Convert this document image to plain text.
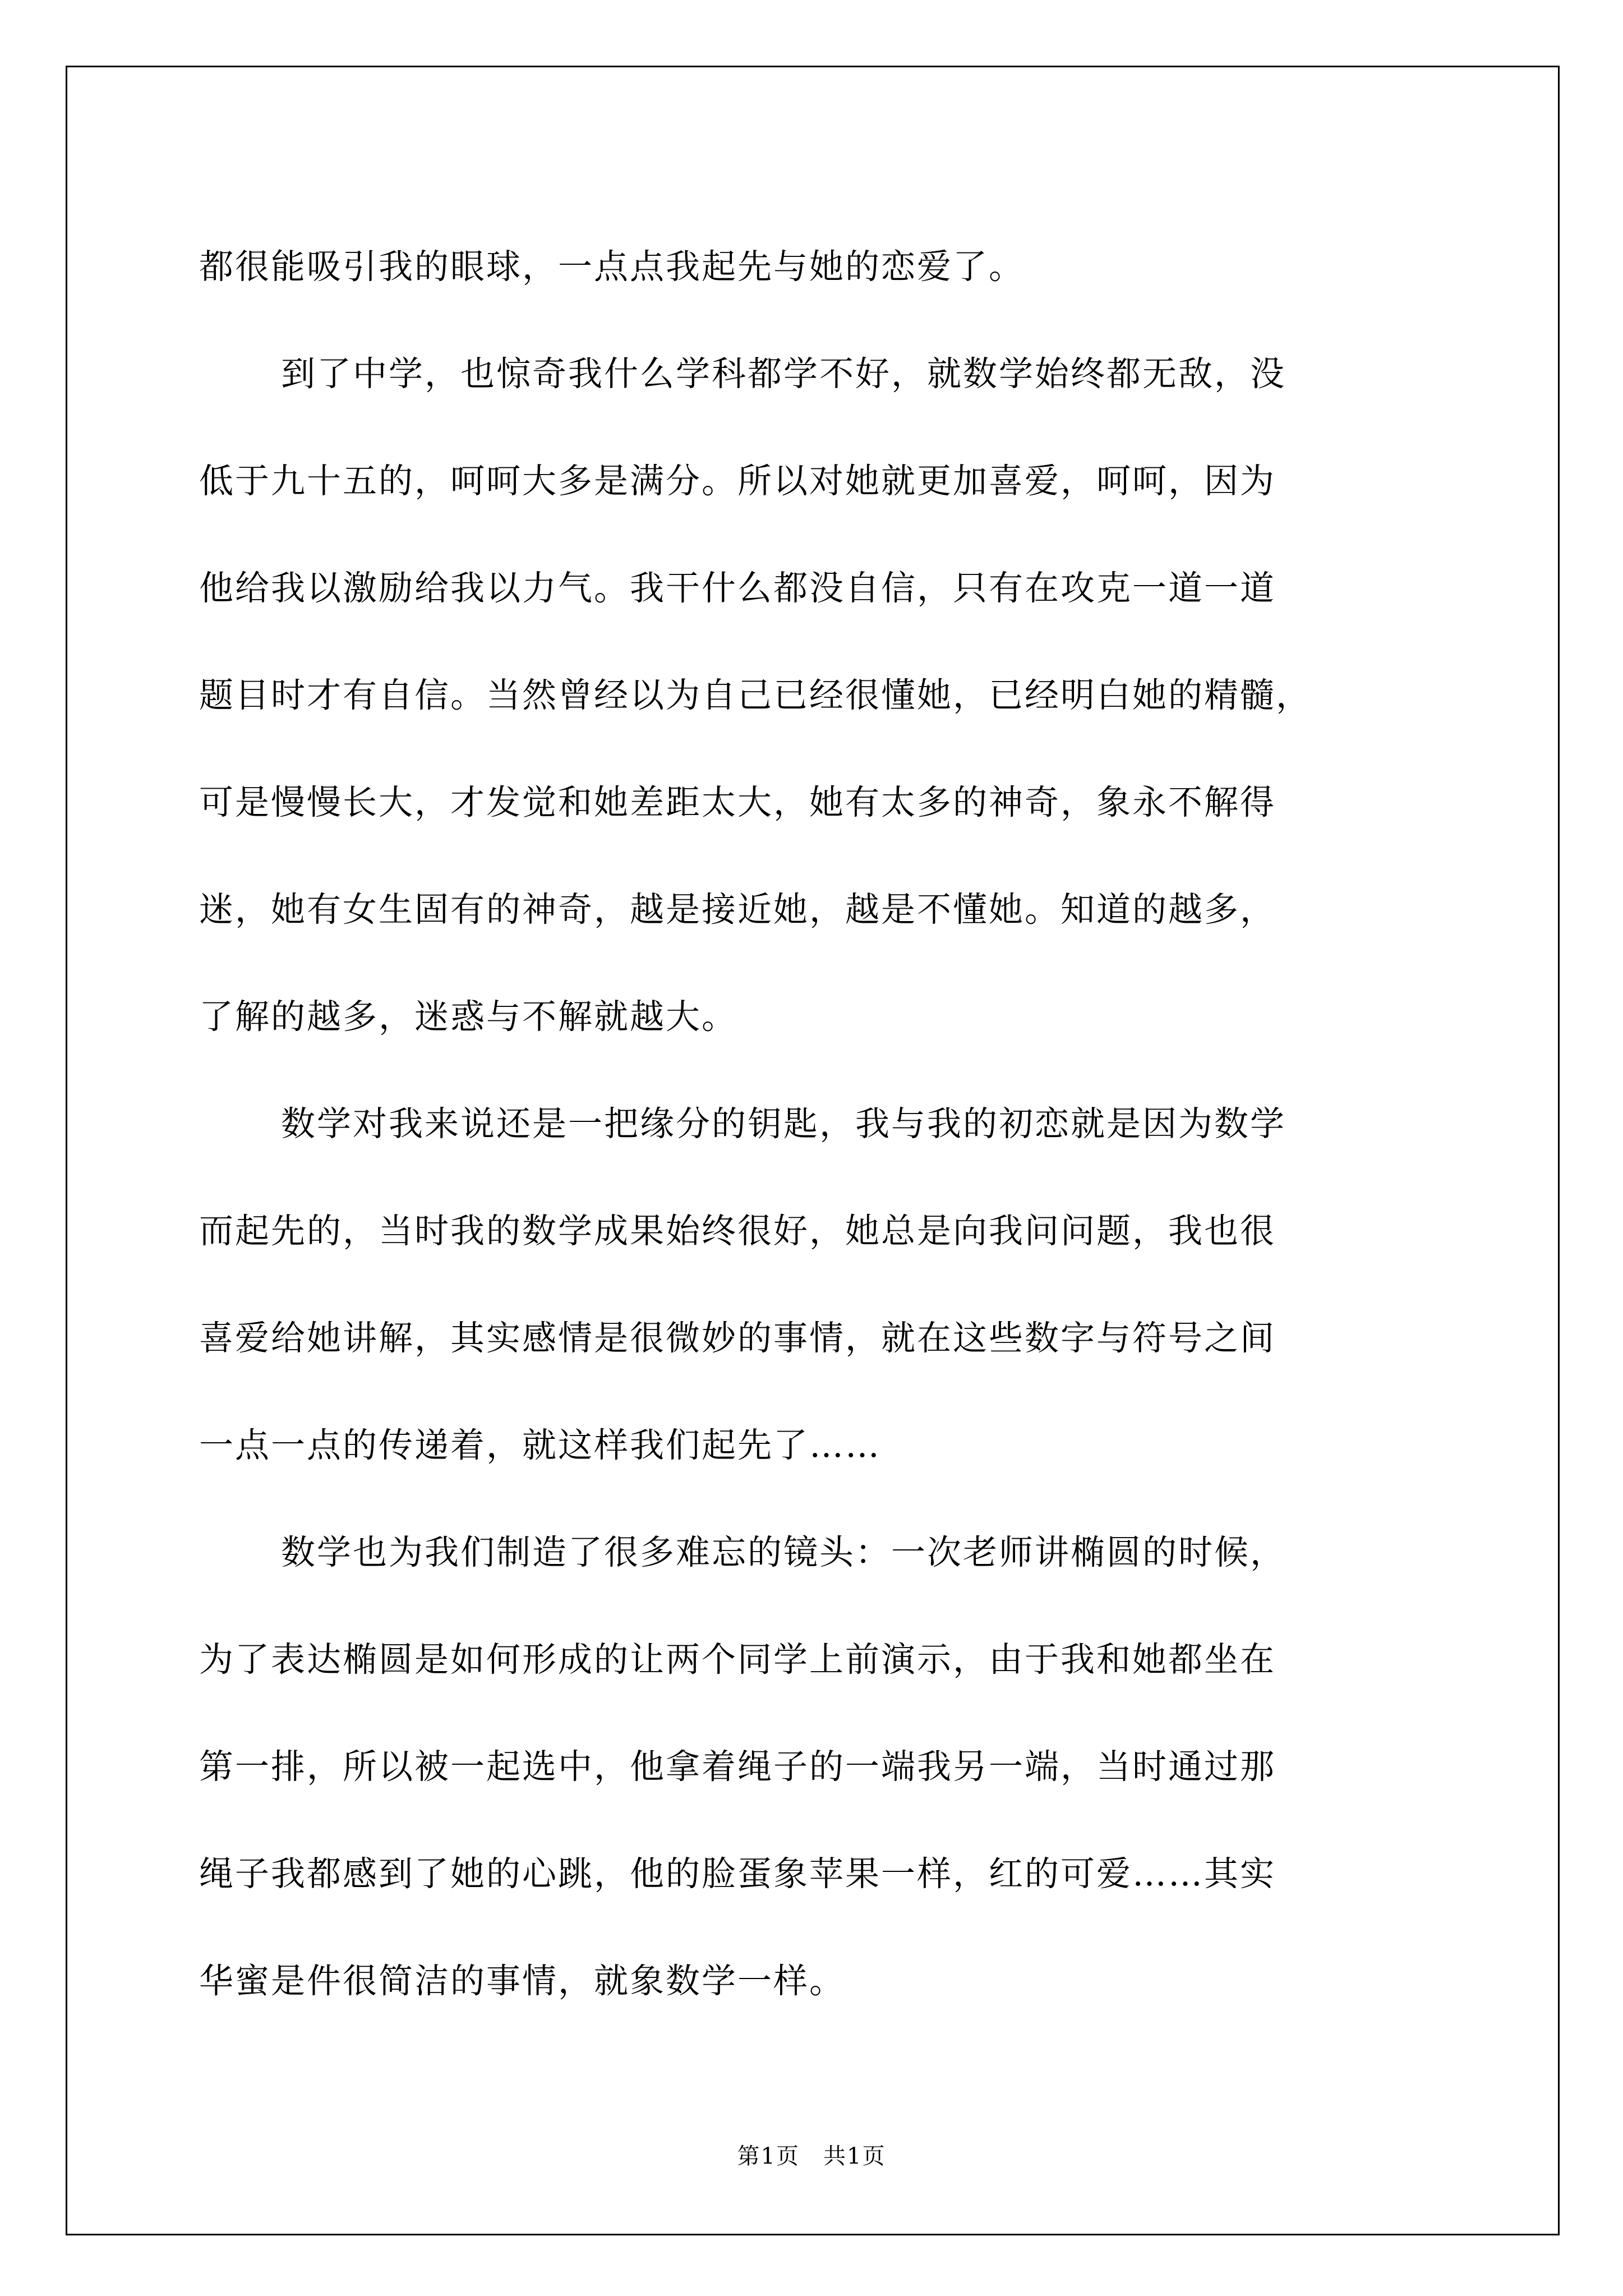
都很能吸引我的眼球，一点点我起先与她的恋爱了。
到了中学，也惊奇我什么学科都学不好，就数学始终都无敌，没
低于九十五的，呵呵大多是满分。所以对她就更加喜爱，呵呵，因为
他给我以激励给我以力气。我干什么都没自信，只有在攻克一道一道
题目时才有自信。当然曾经以为自己已经很懂她，已经明白她的精髓，
可是慢慢长大，才发觉和她差距太大，她有太多的神奇，象永不解得
迷，她有女生固有的神奇，越是接近她，越是不懂她。知道的越多，
了解的越多，迷惑与不解就越大。
数学对我来说还是一把缘分的钥匙，我与我的初恋就是因为数学
而起先的，当时我的数学成果始终很好，她总是向我问问题，我也很
喜爱给她讲解，其实感情是很微妙的事情，就在这些数字与符号之间
一点一点的传递着，就这样我们起先了……
数学也为我们制造了很多难忘的镜头：一次老师讲椭圆的时候，
为了表达椭圆是如何形成的让两个同学上前演示，由于我和她都坐在
第一排，所以被一起选中，他拿着绳子的一端我另一端，当时通过那
绳子我都感到了她的心跳，他的脸蛋象苹果一样，红的可爱……其实
华蜜是件很简洁的事情，就象数学一样。
第1页　共1页
